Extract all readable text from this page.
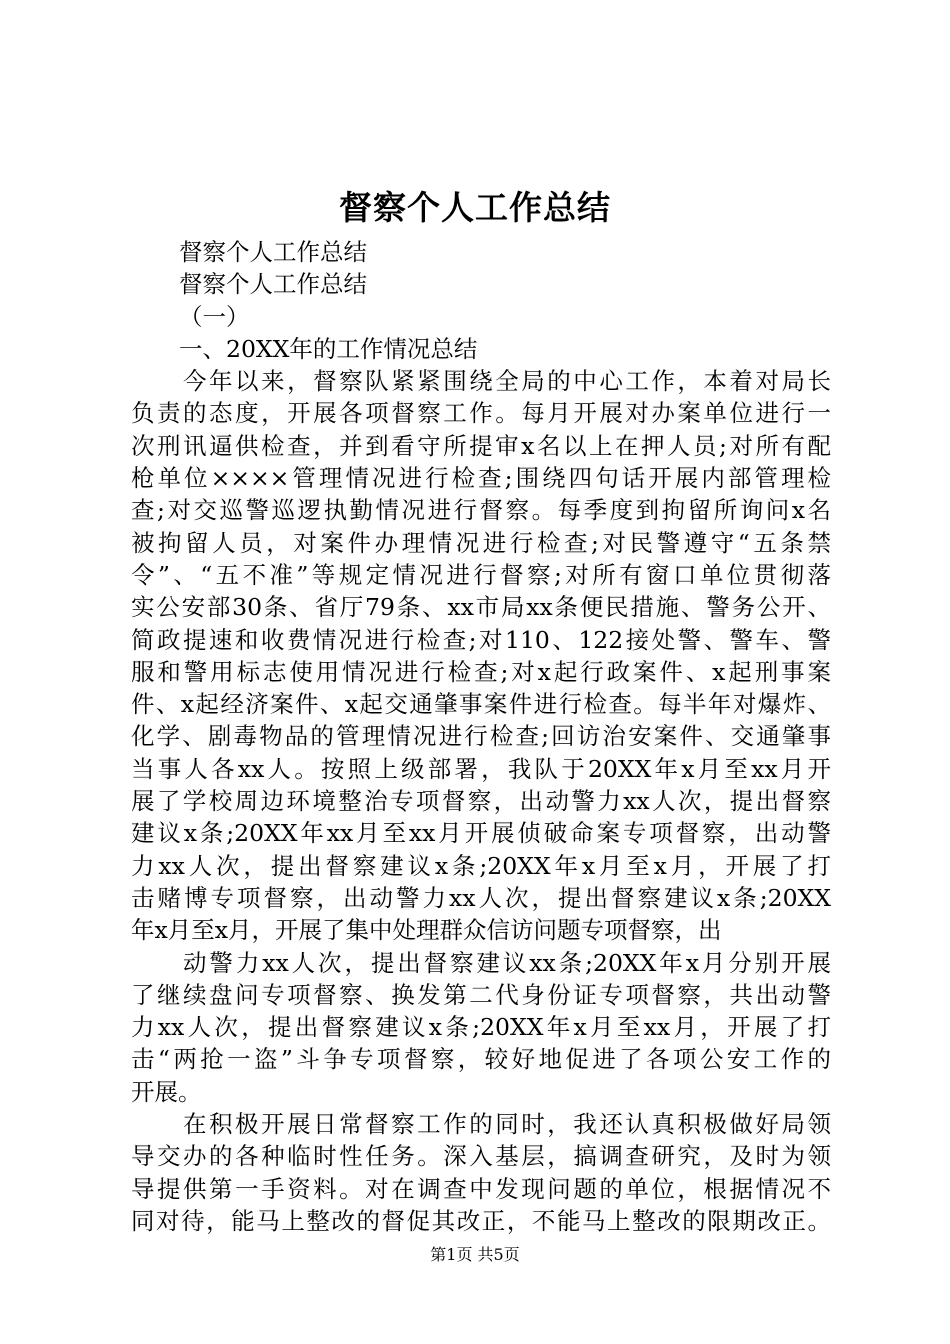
督察个人工作总结
督察个人工作总结
督察个人工作总结
（一）
一、20XX年的工作情况总结
今年以来，督察队紧紧围绕全局的中心工作，本着对局长
负责的态度，开展各项督察工作。每月开展对办案单位进行一
次刑讯逼供检查，并到看守所提审x名以上在押人员;对所有配
枪单位××××管理情况进行检查;围绕四句话开展内部管理检
查;对交巡警巡逻执勤情况进行督察。每季度到拘留所询问x名
被拘留人员，对案件办理情况进行检查;对民警遵守“五条禁
令”、“五不准”等规定情况进行督察;对所有窗口单位贯彻落
实公安部30条、省厅79条、xx市局xx条便民措施、警务公开、
简政提速和收费情况进行检查;对110、122接处警、警车、警
服和警用标志使用情况进行检查;对x起行政案件、x起刑事案
件、x起经济案件、x起交通肇事案件进行检查。每半年对爆炸、
化学、剧毒物品的管理情况进行检查;回访治安案件、交通肇事
当事人各xx人。按照上级部署，我队于20XX年x月至xx月开
展了学校周边环境整治专项督察，出动警力xx人次，提出督察
建议x条;20XX年xx月至xx月开展侦破命案专项督察，出动警
力xx人次，提出督察建议x条;20XX年x月至x月，开展了打
击赌博专项督察，出动警力xx人次，提出督察建议x条;20XX
年x月至x月，开展了集中处理群众信访问题专项督察，出
动警力xx人次，提出督察建议xx条;20XX年x月分别开展
了继续盘问专项督察、换发第二代身份证专项督察，共出动警
力xx人次，提出督察建议x条;20XX年x月至xx月，开展了打
击“两抢一盗”斗争专项督察，较好地促进了各项公安工作的
开展。
在积极开展日常督察工作的同时，我还认真积极做好局领
导交办的各种临时性任务。深入基层，搞调查研究，及时为领
导提供第一手资料。对在调查中发现问题的单位，根据情况不
同对待，能马上整改的督促其改正，不能马上整改的限期改正。
第1页 共5页
